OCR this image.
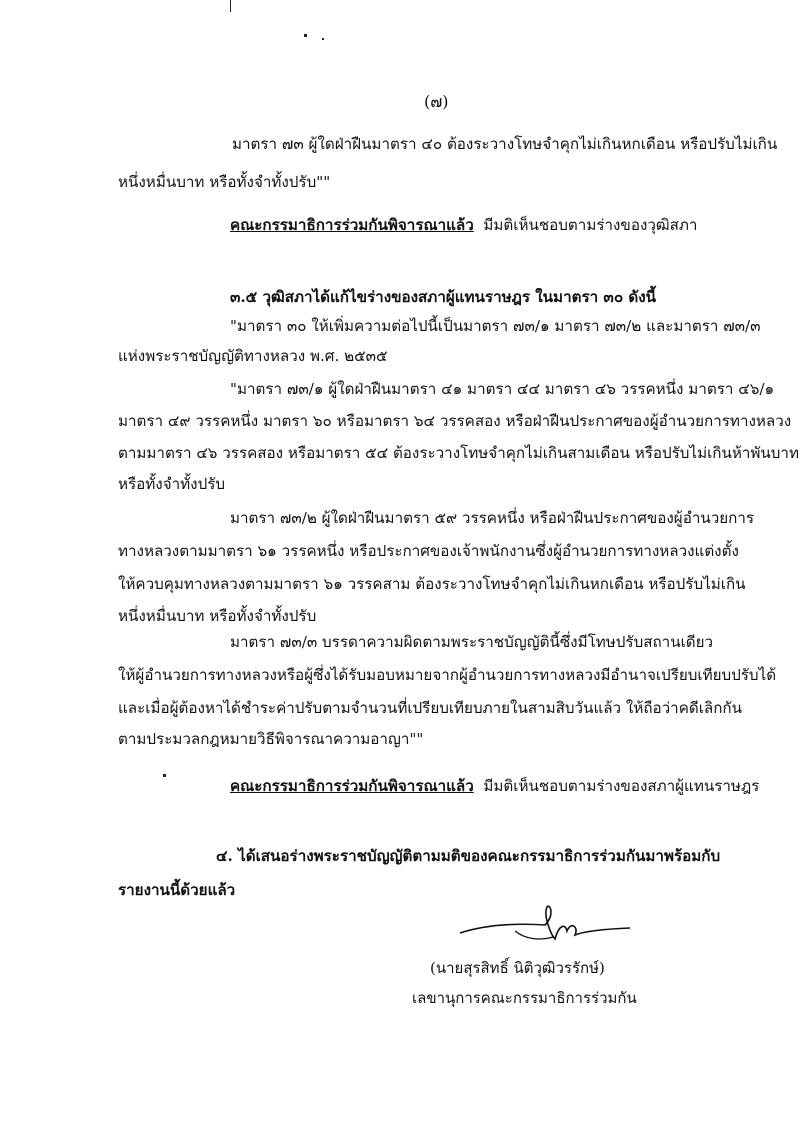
(๗)
มาตรา ๗๓ ผู้ใดฝ่าฝืนมาตรา ๔๐ ต้องระวางโทษจำคุกไม่เกินหกเดือน หรือปรับไม่เกิน
หนึ่งหมื่นบาท หรือทั้งจำทั้งปรับ""
คณะกรรมาธิการร่วมกันพิจารณาแล้ว มีมติเห็นชอบตามร่างของวุฒิสภา
๓.๕ วุฒิสภาได้แก้ไขร่างของสภาผู้แทนราษฎร ในมาตรา ๓๐ ดังนี้
"มาตรา ๓๐ ให้เพิ่มความต่อไปนี้เป็นมาตรา ๗๓/๑ มาตรา ๗๓/๒ และมาตรา ๗๓/๓
แห่งพระราชบัญญัติทางหลวง พ.ศ. ๒๕๓๕
"มาตรา ๗๓/๑ ผู้ใดฝ่าฝืนมาตรา ๔๑ มาตรา ๔๔ มาตรา ๔๖ วรรคหนึ่ง มาตรา ๔๖/๑
มาตรา ๔๙ วรรคหนึ่ง มาตรา ๖๐ หรือมาตรา ๖๔ วรรคสอง หรือฝ่าฝืนประกาศของผู้อำนวยการทางหลวง
ตามมาตรา ๔๖ วรรคสอง หรือมาตรา ๕๔ ต้องระวางโทษจำคุกไม่เกินสามเดือน หรือปรับไม่เกินห้าพันบาท
หรือทั้งจำทั้งปรับ
มาตรา ๗๓/๒ ผู้ใดฝ่าฝืนมาตรา ๕๙ วรรคหนึ่ง หรือฝ่าฝืนประกาศของผู้อำนวยการ
ทางหลวงตามมาตรา ๖๑ วรรคหนึ่ง หรือประกาศของเจ้าพนักงานซึ่งผู้อำนวยการทางหลวงแต่งตั้ง
ให้ควบคุมทางหลวงตามมาตรา ๖๑ วรรคสาม ต้องระวางโทษจำคุกไม่เกินหกเดือน หรือปรับไม่เกิน
หนึ่งหมื่นบาท หรือทั้งจำทั้งปรับ
มาตรา ๗๓/๓ บรรดาความผิดตามพระราชบัญญัตินี้ซึ่งมีโทษปรับสถานเดียว
ให้ผู้อำนวยการทางหลวงหรือผู้ซึ่งได้รับมอบหมายจากผู้อำนวยการทางหลวงมีอำนาจเปรียบเทียบปรับได้
และเมื่อผู้ต้องหาได้ชำระค่าปรับตามจำนวนที่เปรียบเทียบภายในสามสิบวันแล้ว ให้ถือว่าคดีเลิกกัน
ตามประมวลกฎหมายวิธีพิจารณาความอาญา""
คณะกรรมาธิการร่วมกันพิจารณาแล้ว มีมติเห็นชอบตามร่างของสภาผู้แทนราษฎร
๔. ได้เสนอร่างพระราชบัญญัติตามมติของคณะกรรมาธิการร่วมกันมาพร้อมกับ
รายงานนี้ด้วยแล้ว
(นายสุรสิทธิ์ นิติวุฒิวรรักษ์)
เลขานุการคณะกรรมาธิการร่วมกัน
